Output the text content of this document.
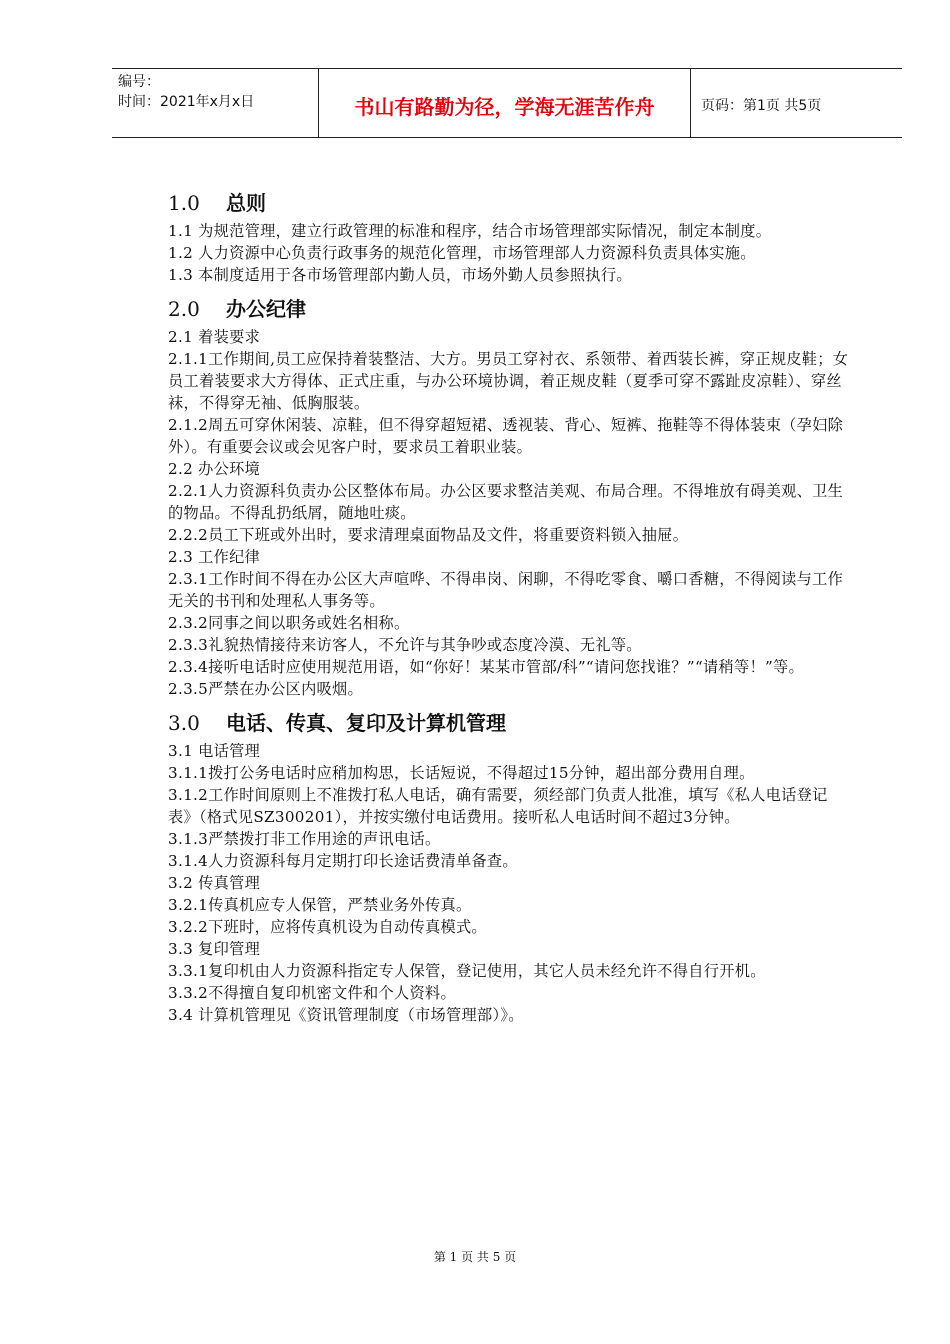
编号：
时间：2021年x月x日	书山有路勤为径，学海无涯苦作舟	页码：第1页 共5页
1.0	总则

1.1 为规范管理，建立行政管理的标准和程序，结合市场管理部实际情况，制定本制度。

1.2 人力资源中心负责行政事务的规范化管理，市场管理部人力资源科负责具体实施。

1.3 本制度适用于各市场管理部内勤人员，市场外勤人员参照执行。

2.0	办公纪律

2.1 着装要求

2.1.1工作期间,员工应保持着装整洁、大方。男员工穿衬衣、系领带、着西装长裤，穿正规皮鞋；女员工着装要求大方得体、正式庄重，与办公环境协调，着正规皮鞋（夏季可穿不露趾皮凉鞋）、穿丝袜，不得穿无袖、低胸服装。

2.1.2周五可穿休闲装、凉鞋，但不得穿超短裙、透视装、背心、短裤、拖鞋等不得体装束（孕妇除外）。有重要会议或会见客户时，要求员工着职业装。

2.2 办公环境

2.2.1人力资源科负责办公区整体布局。办公区要求整洁美观、布局合理。不得堆放有碍美观、卫生的物品。不得乱扔纸屑，随地吐痰。

2.2.2员工下班或外出时，要求清理桌面物品及文件，将重要资料锁入抽屉。

2.3 工作纪律

2.3.1工作时间不得在办公区大声喧哗、不得串岗、闲聊，不得吃零食、嚼口香糖，不得阅读与工作无关的书刊和处理私人事务等。

2.3.2同事之间以职务或姓名相称。

2.3.3礼貌热情接待来访客人，不允许与其争吵或态度冷漠、无礼等。

2.3.4接听电话时应使用规范用语，如“你好！某某市管部/科”“请问您找谁？”“请稍等！”等。

2.3.5严禁在办公区内吸烟。

3.0	电话、传真、复印及计算机管理

3.1 电话管理

3.1.1拨打公务电话时应稍加构思，长话短说，不得超过15分钟，超出部分费用自理。

3.1.2工作时间原则上不准拨打私人电话，确有需要，须经部门负责人批准，填写《私人电话登记表》（格式见SZ300201），并按实缴付电话费用。接听私人电话时间不超过3分钟。

3.1.3严禁拨打非工作用途的声讯电话。

3.1.4人力资源科每月定期打印长途话费清单备查。

3.2 传真管理

3.2.1传真机应专人保管，严禁业务外传真。

3.2.2下班时，应将传真机设为自动传真模式。

3.3 复印管理

3.3.1复印机由人力资源科指定专人保管，登记使用，其它人员未经允许不得自行开机。

3.3.2不得擅自复印机密文件和个人资料。

3.4 计算机管理见《资讯管理制度（市场管理部）》。

第 1 页 共 5 页
